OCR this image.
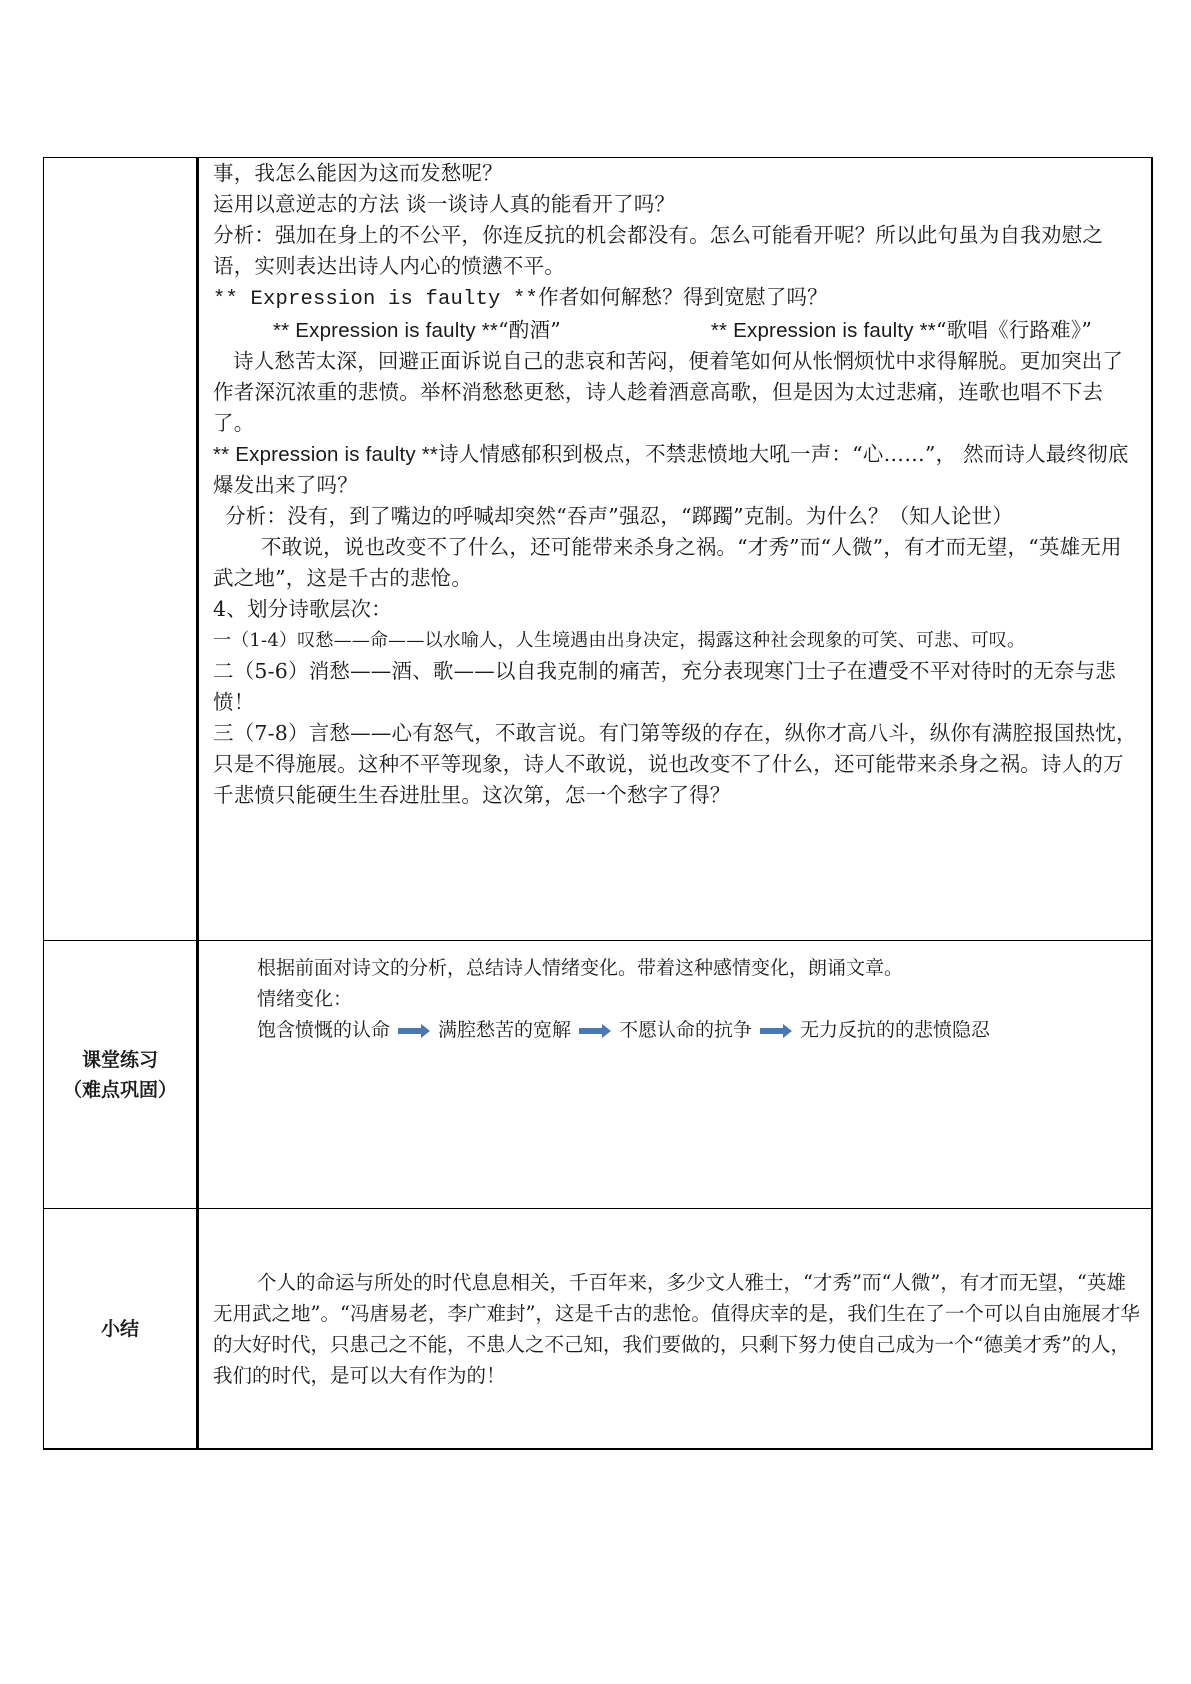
事，我怎么能因为这而发愁呢？

运用以意逆志的方法 谈一谈诗人真的能看开了吗？

分析：强加在身上的不公平，你连反抗的机会都没有。怎么可能看开呢？所以此句虽为自我劝慰之语，实则表达出诗人内心的愤懑不平。

** Expression is faulty **作者如何解愁？得到宽慰了吗？

** Expression is faulty **“酌酒”	** Expression is faulty **“歌唱《行路难》”

诗人愁苦太深，回避正面诉说自己的悲哀和苦闷，便着笔如何从怅惘烦忧中求得解脱。更加突出了作者深沉浓重的悲愤。举杯消愁愁更愁，诗人趁着酒意高歌，但是因为太过悲痛，连歌也唱不下去了。

** Expression is faulty **诗人情感郁积到极点，不禁悲愤地大吼一声：“心……”， 然而诗人最终彻底爆发出来了吗？

分析：没有，到了嘴边的呼喊却突然“吞声”强忍，“踯躅”克制。为什么？（知人论世）

不敢说，说也改变不了什么，还可能带来杀身之祸。“才秀”而“人微”，有才而无望，“英雄无用武之地”，这是千古的悲怆。

4、划分诗歌层次：

一（1-4）叹愁——命——以水喻人，人生境遇由出身决定，揭露这种社会现象的可笑、可悲、可叹。

二（5-6）消愁——酒、歌——以自我克制的痛苦，充分表现寒门士子在遭受不平对待时的无奈与悲愤！

三（7-8）言愁——心有怒气，不敢言说。有门第等级的存在，纵你才高八斗，纵你有满腔报国热忱，只是不得施展。这种不平等现象，诗人不敢说，说也改变不了什么，还可能带来杀身之祸。诗人的万千悲愤只能硬生生吞进肚里。这次第，怎一个愁字了得？

课堂练习
（难点巩固）

根据前面对诗文的分析，总结诗人情绪变化。带着这种感情变化，朗诵文章。

情绪变化：

饱含愤慨的认命	满腔愁苦的宽解	不愿认命的抗争	无力反抗的的悲愤隐忍
小结

个人的命运与所处的时代息息相关，千百年来，多少文人雅士，“才秀”而“人微”，有才而无望，“英雄无用武之地”。“冯唐易老，李广难封”，这是千古的悲怆。值得庆幸的是，我们生在了一个可以自由施展才华的大好时代，只患己之不能，不患人之不己知，我们要做的，只剩下努力使自己成为一个“德美才秀”的人，我们的时代，是可以大有作为的！
